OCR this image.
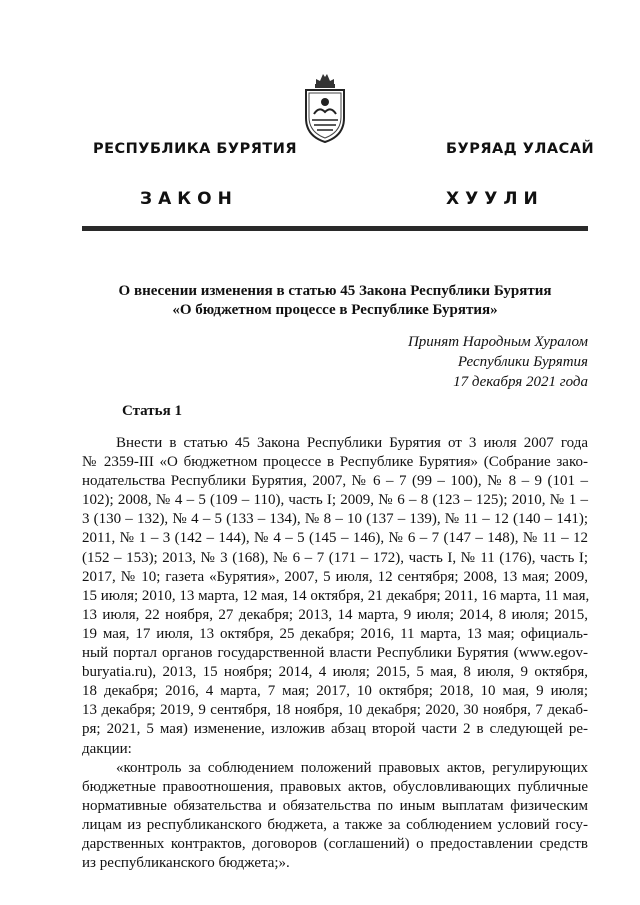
РЕСПУБЛИКА БУРЯТИЯ	БУРЯАД УЛАСАЙ
ЗАКОН	ХУУЛИ
О внесении изменения в статью 45 Закона Республики Бурятия
«О бюджетном процессе в Республике Бурятия»
Принят Народным Хуралом
Республики Бурятия
17 декабря 2021 года
Статья 1
Внести в статью 45 Закона Республики Бурятия от 3 июля 2007 года
№ 2359-III «О бюджетном процессе в Республике Бурятия» (Собрание зако-
нодательства Республики Бурятия, 2007, № 6 – 7 (99 – 100), № 8 – 9 (101 –
102); 2008, № 4 – 5 (109 – 110), часть I; 2009, № 6 – 8 (123 – 125); 2010, № 1 –
3 (130 – 132), № 4 – 5 (133 – 134), № 8 – 10 (137 – 139), № 11 – 12 (140 – 141);
2011, № 1 – 3 (142 – 144), № 4 – 5 (145 – 146), № 6 – 7 (147 – 148), № 11 – 12
(152 – 153); 2013, № 3 (168), № 6 – 7 (171 – 172), часть I, № 11 (176), часть I;
2017, № 10; газета «Бурятия», 2007, 5 июля, 12 сентября; 2008, 13 мая; 2009,
15 июля; 2010, 13 марта, 12 мая, 14 октября, 21 декабря; 2011, 16 марта, 11 мая,
13 июля, 22 ноября, 27 декабря; 2013, 14 марта, 9 июля; 2014, 8 июля; 2015,
19 мая, 17 июля, 13 октября, 25 декабря; 2016, 11 марта, 13 мая; официаль-
ный портал органов государственной власти Республики Бурятия (www.egov-
buryatia.ru), 2013, 15 ноября; 2014, 4 июля; 2015, 5 мая, 8 июля, 9 октября,
18 декабря; 2016, 4 марта, 7 мая; 2017, 10 октября; 2018, 10 мая, 9 июля;
13 декабря; 2019, 9 сентября, 18 ноября, 10 декабря; 2020, 30 ноября, 7 декаб-
ря; 2021, 5 мая) изменение, изложив абзац второй части 2 в следующей ре-
дакции:
«контроль за соблюдением положений правовых актов, регулирующих
бюджетные правоотношения, правовых актов, обусловливающих публичные
нормативные обязательства и обязательства по иным выплатам физическим
лицам из республиканского бюджета, а также за соблюдением условий госу-
дарственных контрактов, договоров (соглашений) о предоставлении средств
из республиканского бюджета;».
